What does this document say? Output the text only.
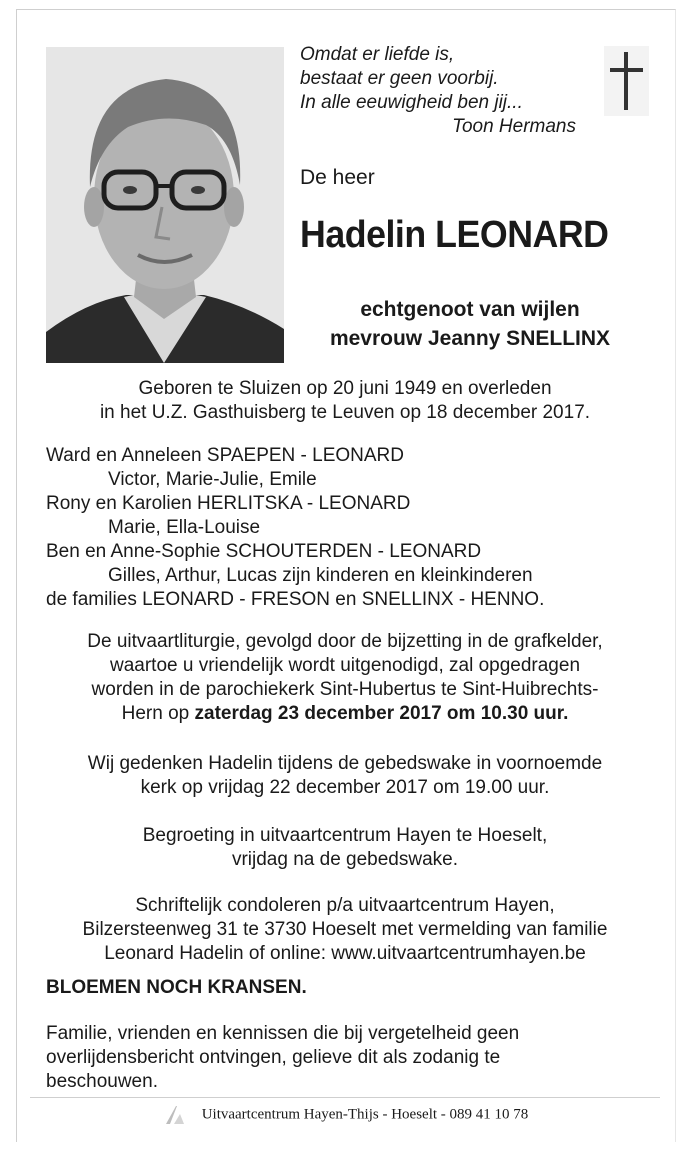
Omdat er liefde is,
bestaat er geen voorbij.
In alle eeuwigheid ben jij...
Toon Hermans
De heer
Hadelin LEONARD
echtgenoot van wijlen
mevrouw Jeanny SNELLINX
Geboren te Sluizen op 20 juni 1949 en overleden
in het U.Z. Gasthuisberg te Leuven op 18 december 2017.
Ward en Anneleen SPAEPEN - LEONARD
Victor, Marie-Julie, Emile
Rony en Karolien HERLITSKA - LEONARD
Marie, Ella-Louise
Ben en Anne-Sophie SCHOUTERDEN - LEONARD
Gilles, Arthur, Lucas zijn kinderen en kleinkinderen
de families LEONARD - FRESON en SNELLINX - HENNO.
De uitvaartliturgie, gevolgd door de bijzetting in de grafkelder,
waartoe u vriendelijk wordt uitgenodigd, zal opgedragen
worden in de parochiekerk Sint-Hubertus te Sint-Huibrechts-
Hern op zaterdag 23 december 2017 om 10.30 uur.
Wij gedenken Hadelin tijdens de gebedswake in voornoemde
kerk op vrijdag 22 december 2017 om 19.00 uur.
Begroeting in uitvaartcentrum Hayen te Hoeselt,
vrijdag na de gebedswake.
Schriftelijk condoleren p/a uitvaartcentrum Hayen,
Bilzersteenweg 31 te 3730 Hoeselt met vermelding van familie
Leonard Hadelin of online: www.uitvaartcentrumhayen.be
BLOEMEN NOCH KRANSEN.
Familie, vrienden en kennissen die bij vergetelheid geen
overlijdensbericht ontvingen, gelieve dit als zodanig te
beschouwen.
Uitvaartcentrum Hayen-Thijs - Hoeselt - 089 41 10 78
